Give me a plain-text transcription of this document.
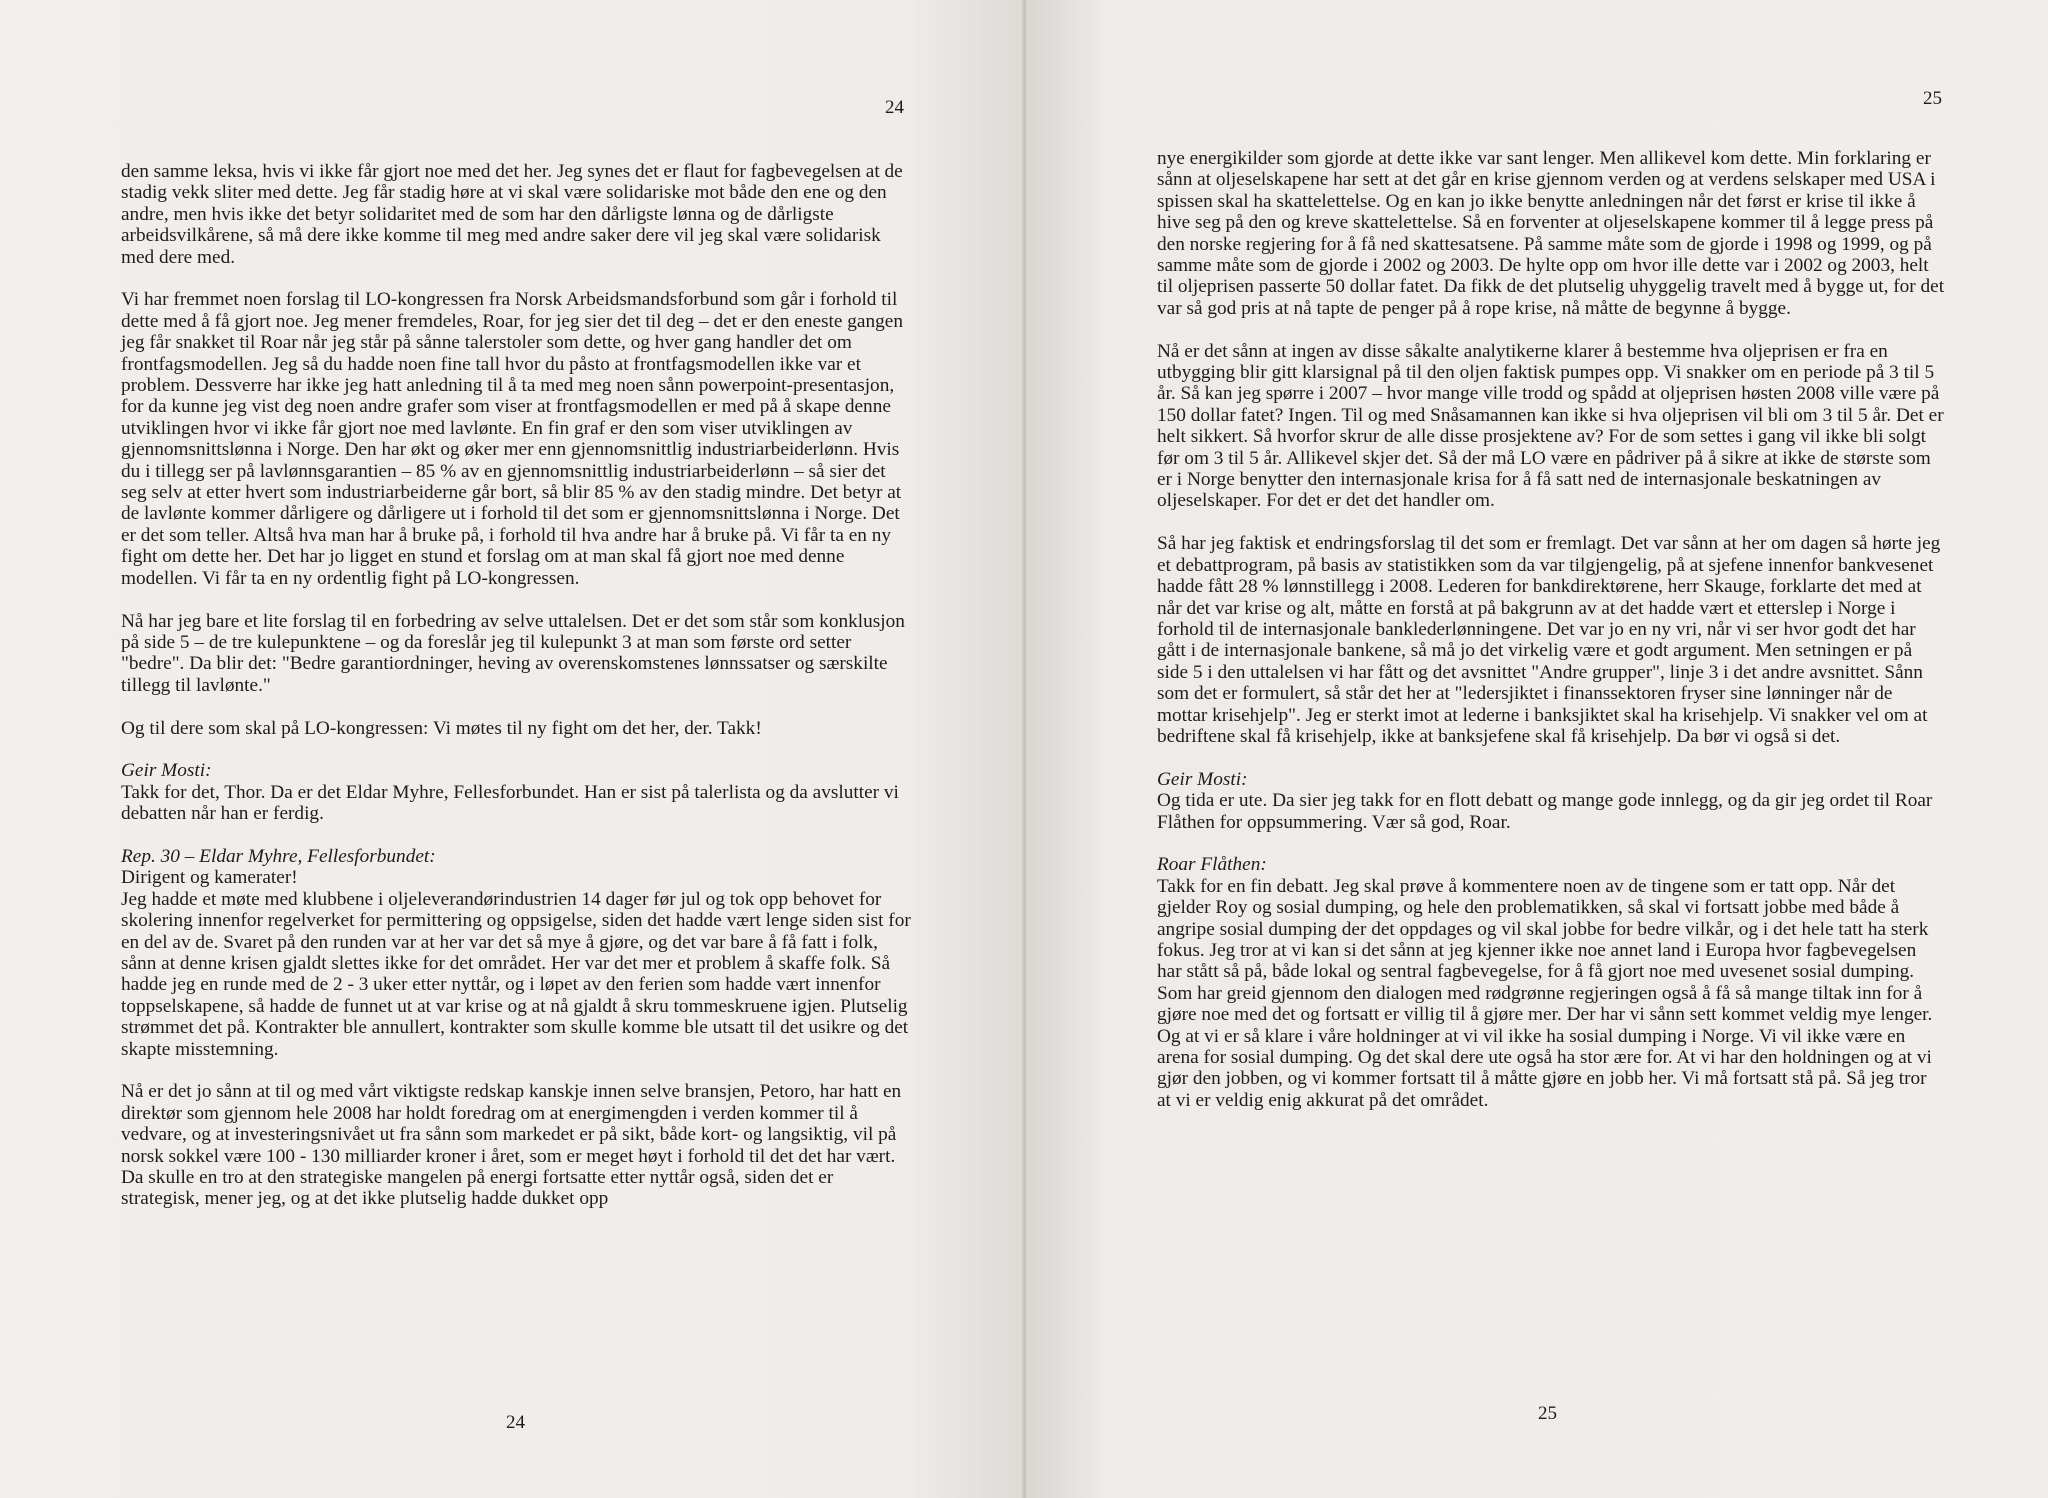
24

den samme leksa, hvis vi ikke får gjort noe med det her. Jeg synes det er flaut for fagbevegelsen at de stadig vekk sliter med dette. Jeg får stadig høre at vi skal være solidariske mot både den ene og den andre, men hvis ikke det betyr solidaritet med de som har den dårligste lønna og de dårligste arbeidsvilkårene, så må dere ikke komme til meg med andre saker dere vil jeg skal være solidarisk med dere med.

Vi har fremmet noen forslag til LO-kongressen fra Norsk Arbeidsmandsforbund som går i forhold til dette med å få gjort noe. Jeg mener fremdeles, Roar, for jeg sier det til deg – det er den eneste gangen jeg får snakket til Roar når jeg står på sånne talerstoler som dette, og hver gang handler det om frontfagsmodellen. Jeg så du hadde noen fine tall hvor du påsto at frontfagsmodellen ikke var et problem. Dessverre har ikke jeg hatt anledning til å ta med meg noen sånn powerpoint-presentasjon, for da kunne jeg vist deg noen andre grafer som viser at frontfagsmodellen er med på å skape denne utviklingen hvor vi ikke får gjort noe med lavlønte. En fin graf er den som viser utviklingen av gjennomsnittslønna i Norge. Den har økt og øker mer enn gjennomsnittlig industriarbeiderlønn. Hvis du i tillegg ser på lavlønnsgarantien – 85 % av en gjennomsnittlig industriarbeiderlønn – så sier det seg selv at etter hvert som industriarbeiderne går bort, så blir 85 % av den stadig mindre. Det betyr at de lavlønte kommer dårligere og dårligere ut i forhold til det som er gjennomsnittslønna i Norge. Det er det som teller. Altså hva man har å bruke på, i forhold til hva andre har å bruke på. Vi får ta en ny fight om dette her. Det har jo ligget en stund et forslag om at man skal få gjort noe med denne modellen. Vi får ta en ny ordentlig fight på LO-kongressen.

Nå har jeg bare et lite forslag til en forbedring av selve uttalelsen. Det er det som står som konklusjon på side 5 – de tre kulepunktene – og da foreslår jeg til kulepunkt 3 at man som første ord setter "bedre". Da blir det: "Bedre garantiordninger, heving av overenskomstenes lønnssatser og særskilte tillegg til lavlønte."

Og til dere som skal på LO-kongressen: Vi møtes til ny fight om det her, der. Takk!

Geir Mosti:
Takk for det, Thor. Da er det Eldar Myhre, Fellesforbundet. Han er sist på talerlista og da avslutter vi debatten når han er ferdig.

Rep. 30 – Eldar Myhre, Fellesforbundet:
Dirigent og kamerater!
Jeg hadde et møte med klubbene i oljeleverandørindustrien 14 dager før jul og tok opp behovet for skolering innenfor regelverket for permittering og oppsigelse, siden det hadde vært lenge siden sist for en del av de. Svaret på den runden var at her var det så mye å gjøre, og det var bare å få fatt i folk, sånn at denne krisen gjaldt slettes ikke for det området. Her var det mer et problem å skaffe folk. Så hadde jeg en runde med de 2 - 3 uker etter nyttår, og i løpet av den ferien som hadde vært innenfor toppselskapene, så hadde de funnet ut at var krise og at nå gjaldt å skru tommeskruene igjen. Plutselig strømmet det på. Kontrakter ble annullert, kontrakter som skulle komme ble utsatt til det usikre og det skapte misstemning.

Nå er det jo sånn at til og med vårt viktigste redskap kanskje innen selve bransjen, Petoro, har hatt en direktør som gjennom hele 2008 har holdt foredrag om at energimengden i verden kommer til å vedvare, og at investeringsnivået ut fra sånn som markedet er på sikt, både kort- og langsiktig, vil på norsk sokkel være 100 - 130 milliarder kroner i året, som er meget høyt i forhold til det det har vært. Da skulle en tro at den strategiske mangelen på energi fortsatte etter nyttår også, siden det er strategisk, mener jeg, og at det ikke plutselig hadde dukket opp

24
25

nye energikilder som gjorde at dette ikke var sant lenger. Men allikevel kom dette. Min forklaring er sånn at oljeselskapene har sett at det går en krise gjennom verden og at verdens selskaper med USA i spissen skal ha skattelettelse. Og en kan jo ikke benytte anledningen når det først er krise til ikke å hive seg på den og kreve skattelettelse. Så en forventer at oljeselskapene kommer til å legge press på den norske regjering for å få ned skattesatsene. På samme måte som de gjorde i 1998 og 1999, og på samme måte som de gjorde i 2002 og 2003. De hylte opp om hvor ille dette var i 2002 og 2003, helt til oljeprisen passerte 50 dollar fatet. Da fikk de det plutselig uhyggelig travelt med å bygge ut, for det var så god pris at nå tapte de penger på å rope krise, nå måtte de begynne å bygge.

Nå er det sånn at ingen av disse såkalte analytikerne klarer å bestemme hva oljeprisen er fra en utbygging blir gitt klarsignal på til den oljen faktisk pumpes opp. Vi snakker om en periode på 3 til 5 år. Så kan jeg spørre i 2007 – hvor mange ville trodd og spådd at oljeprisen høsten 2008 ville være på 150 dollar fatet? Ingen. Til og med Snåsamannen kan ikke si hva oljeprisen vil bli om 3 til 5 år. Det er helt sikkert. Så hvorfor skrur de alle disse prosjektene av? For de som settes i gang vil ikke bli solgt før om 3 til 5 år. Allikevel skjer det. Så der må LO være en pådriver på å sikre at ikke de største som er i Norge benytter den internasjonale krisa for å få satt ned de internasjonale beskatningen av oljeselskaper. For det er det det handler om.

Så har jeg faktisk et endringsforslag til det som er fremlagt. Det var sånn at her om dagen så hørte jeg et debattprogram, på basis av statistikken som da var tilgjengelig, på at sjefene innenfor bankvesenet hadde fått 28 % lønnstillegg i 2008. Lederen for bankdirektørene, herr Skauge, forklarte det med at når det var krise og alt, måtte en forstå at på bakgrunn av at det hadde vært et etterslep i Norge i forhold til de internasjonale banklederlønningene. Det var jo en ny vri, når vi ser hvor godt det har gått i de internasjonale bankene, så må jo det virkelig være et godt argument. Men setningen er på side 5 i den uttalelsen vi har fått og det avsnittet "Andre grupper", linje 3 i det andre avsnittet. Sånn som det er formulert, så står det her at "ledersjiktet i finanssektoren fryser sine lønninger når de mottar krisehjelp". Jeg er sterkt imot at lederne i banksjiktet skal ha krisehjelp. Vi snakker vel om at bedriftene skal få krisehjelp, ikke at banksjefene skal få krisehjelp. Da bør vi også si det.

Geir Mosti:
Og tida er ute. Da sier jeg takk for en flott debatt og mange gode innlegg, og da gir jeg ordet til Roar Flåthen for oppsummering. Vær så god, Roar.

Roar Flåthen:
Takk for en fin debatt. Jeg skal prøve å kommentere noen av de tingene som er tatt opp. Når det gjelder Roy og sosial dumping, og hele den problematikken, så skal vi fortsatt jobbe med både å angripe sosial dumping der det oppdages og vil skal jobbe for bedre vilkår, og i det hele tatt ha sterk fokus. Jeg tror at vi kan si det sånn at jeg kjenner ikke noe annet land i Europa hvor fagbevegelsen har stått så på, både lokal og sentral fagbevegelse, for å få gjort noe med uvesenet sosial dumping. Som har greid gjennom den dialogen med rødgrønne regjeringen også å få så mange tiltak inn for å gjøre noe med det og fortsatt er villig til å gjøre mer. Der har vi sånn sett kommet veldig mye lenger. Og at vi er så klare i våre holdninger at vi vil ikke ha sosial dumping i Norge. Vi vil ikke være en arena for sosial dumping. Og det skal dere ute også ha stor ære for. At vi har den holdningen og at vi gjør den jobben, og vi kommer fortsatt til å måtte gjøre en jobb her. Vi må fortsatt stå på. Så jeg tror at vi er veldig enig akkurat på det området.

25
